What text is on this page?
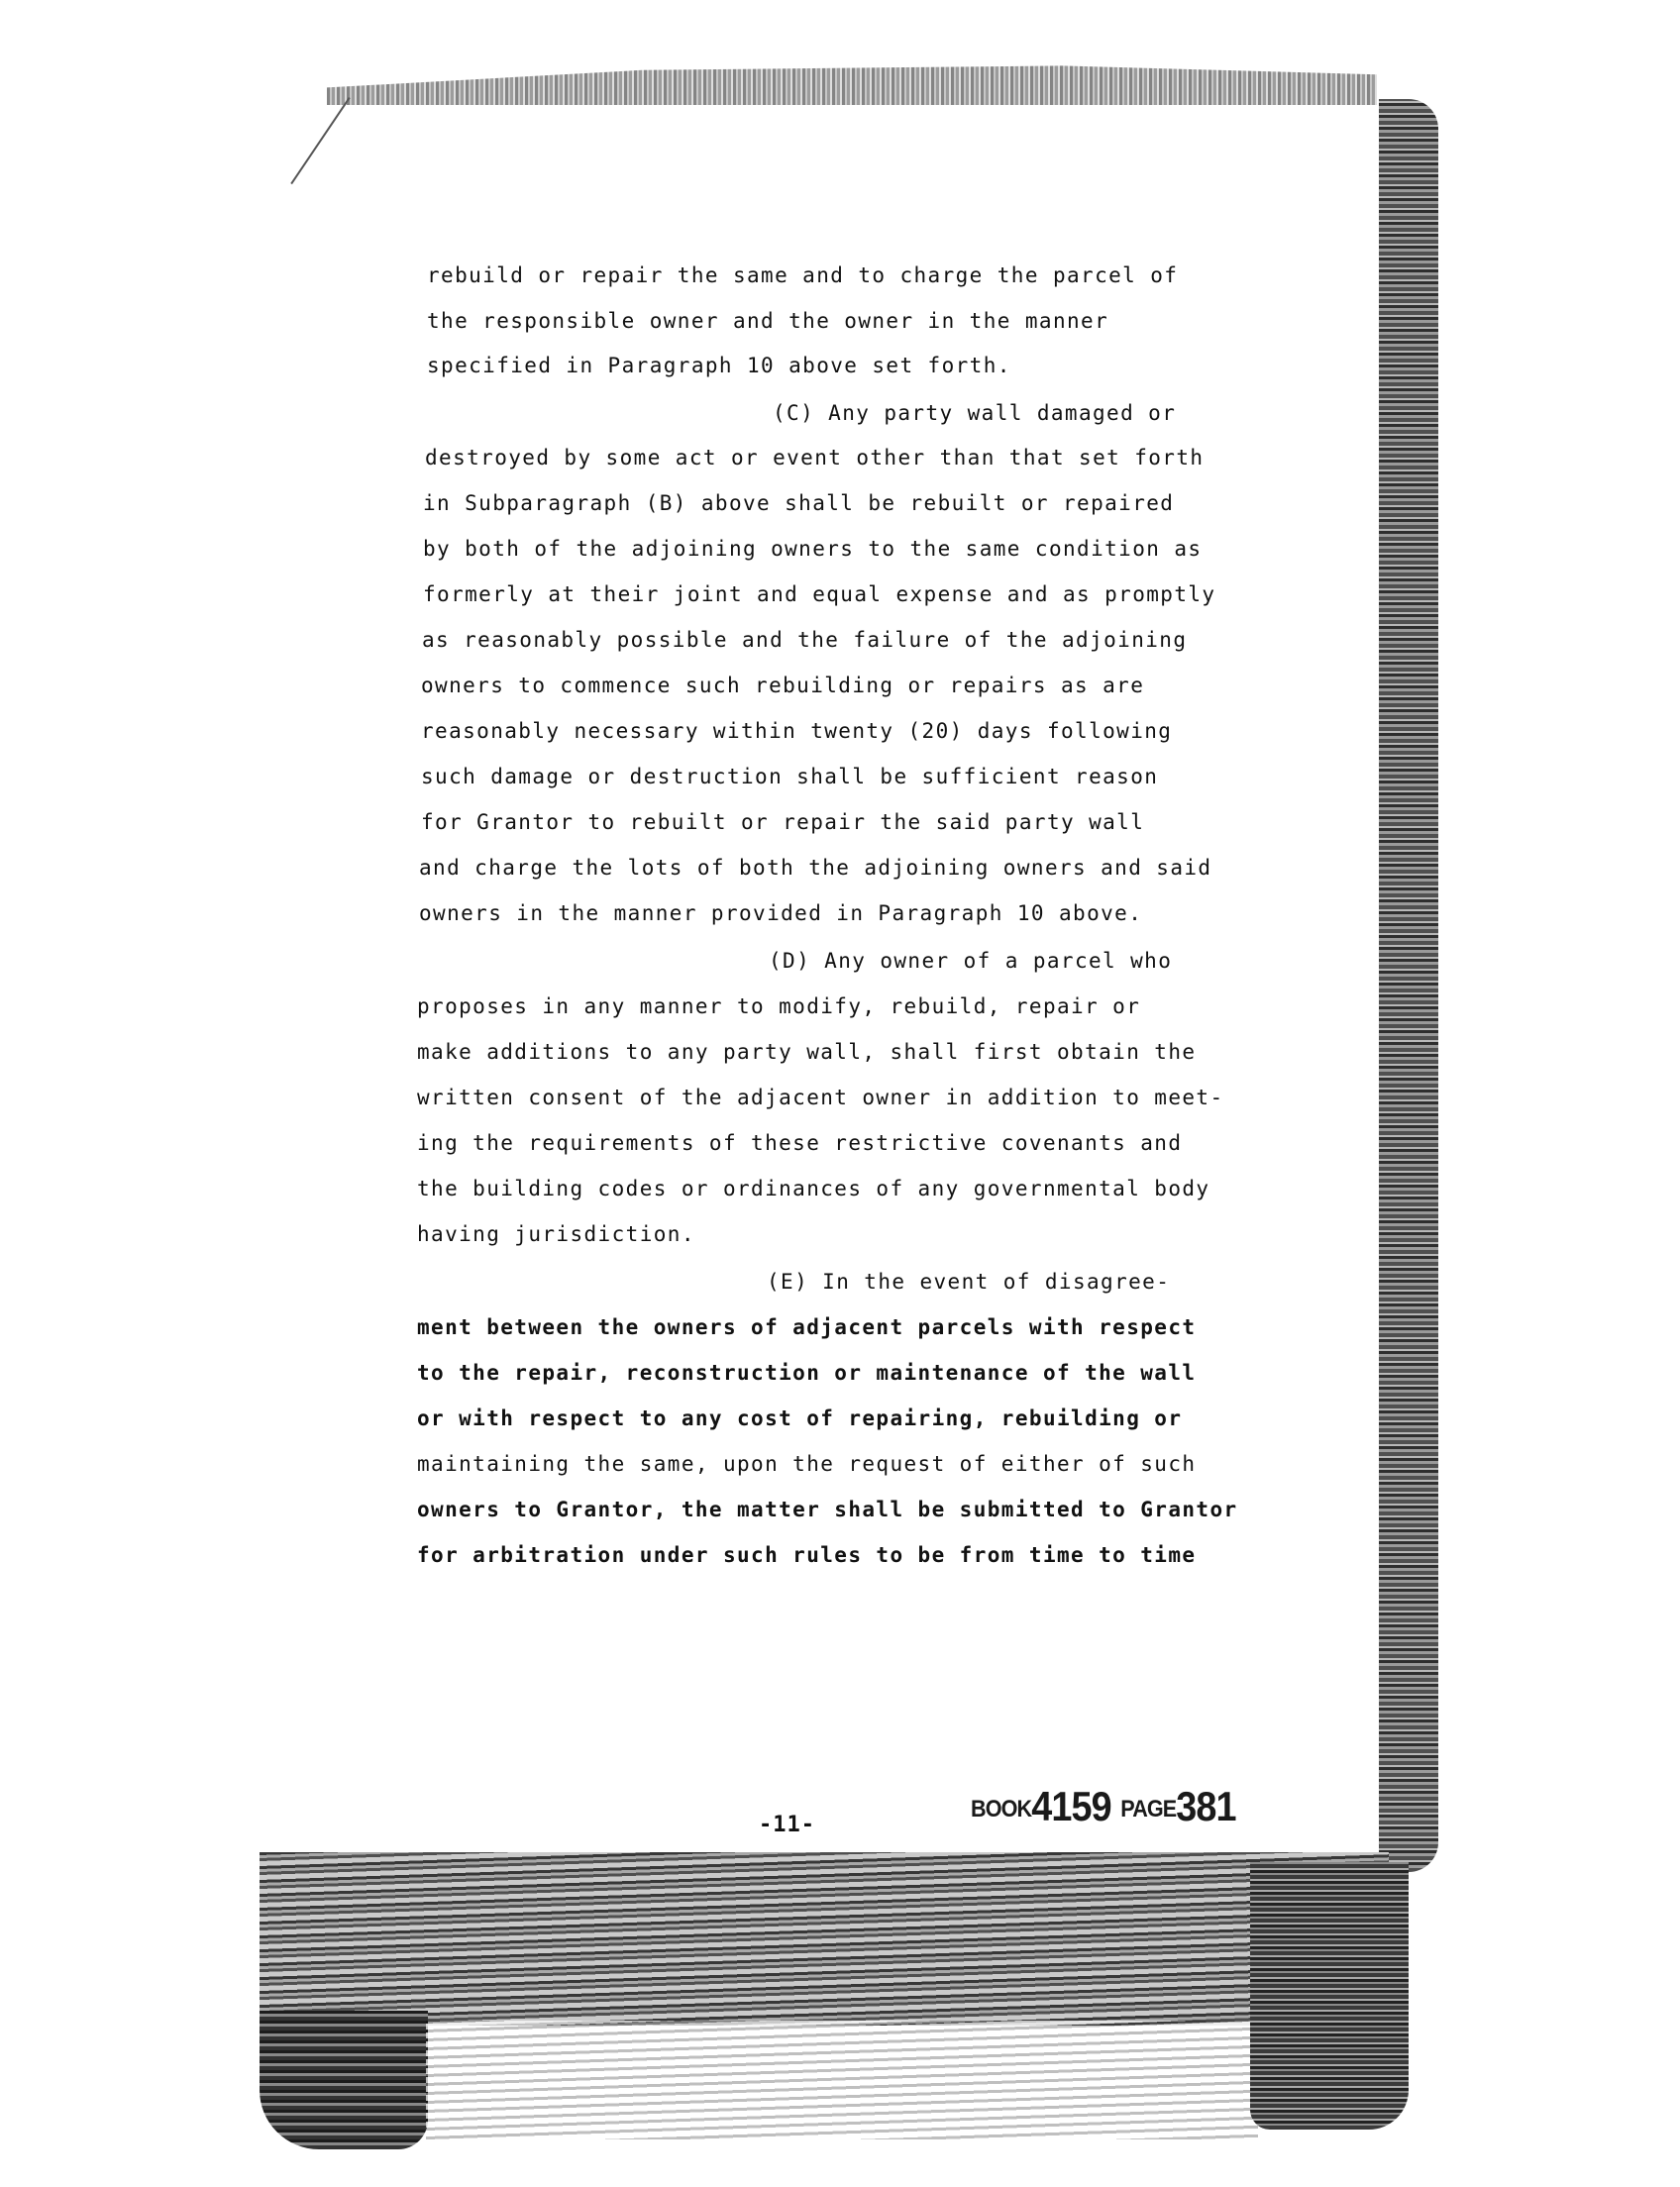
rebuild or repair the same and to charge the parcel of
the responsible owner and the owner in the manner
specified in Paragraph 10 above set forth.
(C) Any party wall damaged or
destroyed by some act or event other than that set forth
in Subparagraph (B) above shall be rebuilt or repaired
by both of the adjoining owners to the same condition as
formerly at their joint and equal expense and as promptly
as reasonably possible and the failure of the adjoining
owners to commence such rebuilding or repairs as are
reasonably necessary within twenty (20) days following
such damage or destruction shall be sufficient reason
for Grantor to rebuilt or repair the said party wall
and charge the lots of both the adjoining owners and said
owners in the manner provided in Paragraph 10 above.
(D) Any owner of a parcel who
proposes in any manner to modify, rebuild, repair or
make additions to any party wall, shall first obtain the
written consent of the adjacent owner in addition to meet-
ing the requirements of these restrictive covenants and
the building codes or ordinances of any governmental body
having jurisdiction.
(E) In the event of disagree-
ment between the owners of adjacent parcels with respect
to the repair, reconstruction or maintenance of the wall
or with respect to any cost of repairing, rebuilding or
maintaining the same, upon the request of either of such
owners to Grantor, the matter shall be submitted to Grantor
for arbitration under such rules to be from time to time
-11-
BOOK4159 PAGE381
